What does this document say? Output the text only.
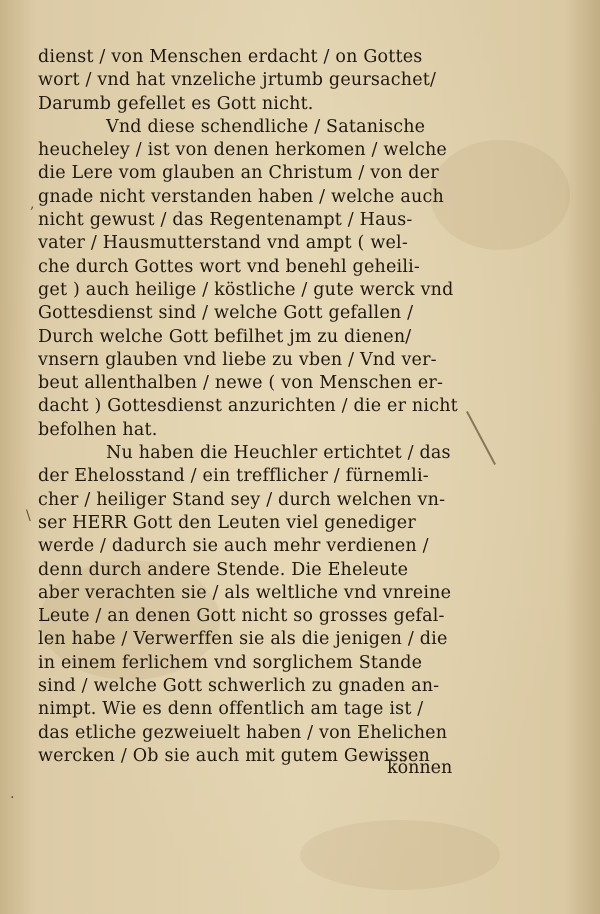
dienst / von Menschen erdacht / on Gottes
wort / vnd hat vnzeliche jrtumb geursachet/
Darumb gefellet es Gott nicht.
Vnd diese schendliche / Satanische
heucheley / ist von denen herkomen / welche
die Lere vom glauben an Christum / von der
gnade nicht verstanden haben / welche auch
nicht gewust / das Regentenampt / Haus-
vater / Hausmutterstand vnd ampt ( wel-
che durch Gottes wort vnd benehl geheili-
get ) auch heilige / köstliche / gute werck vnd
Gottesdienst sind / welche Gott gefallen /
Durch welche Gott befilhet jm zu dienen/
vnsern glauben vnd liebe zu vben / Vnd ver-
beut allenthalben / newe ( von Menschen er-
dacht ) Gottesdienst anzurichten / die er nicht
befolhen hat.
Nu haben die Heuchler ertichtet / das
der Ehelosstand / ein trefflicher / fürnemli-
cher / heiliger Stand sey / durch welchen vn-
ser HERR Gott den Leuten viel genediger
werde / dadurch sie auch mehr verdienen /
denn durch andere Stende. Die Eheleute
aber verachten sie / als weltliche vnd vnreine
Leute / an denen Gott nicht so grosses gefal-
len habe / Verwerffen sie als die jenigen / die
in einem ferlichem vnd sorglichem Stande
sind / welche Gott schwerlich zu gnaden an-
nimpt. Wie es denn offentlich am tage ist /
das etliche gezweiuelt haben / von Ehelichen
wercken / Ob sie auch mit gutem Gewissen
können
,
\
·
